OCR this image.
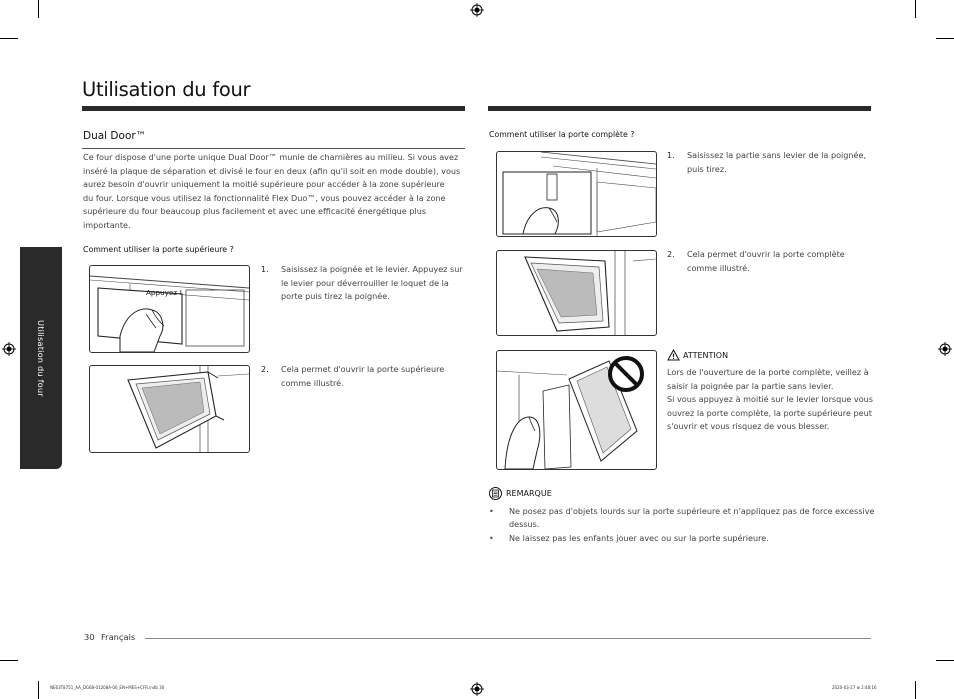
Utilisation du four
Utilisation du four
Dual Door™
Ce four dispose d'une porte unique Dual Door™ munie de charnières au milieu. Si vous avez
inséré la plaque de séparation et divisé le four en deux (afin qu'il soit en mode double), vous
aurez besoin d'ouvrir uniquement la moitié supérieure pour accéder à la zone supérieure
du four. Lorsque vous utilisez la fonctionnalité Flex Duo™, vous pouvez accéder à la zone
supérieure du four beaucoup plus facilement et avec une efficacité énergétique plus
importante.
Comment utiliser la porte supérieure ?
Appuyez !
1. Saisissez la poignée et le levier. Appuyez sur
le levier pour déverrouiller le loquet de la
porte puis tirez la poignée.
2. Cela permet d'ouvrir la porte supérieure
comme illustré.
Comment utiliser la porte complète ?
1. Saisissez la partie sans levier de la poignée,
puis tirez.
2. Cela permet d'ouvrir la porte complète
comme illustré.
ATTENTION
Lors de l'ouverture de la porte complète, veillez à
saisir la poignée par la partie sans levier.
Si vous appuyez à moitié sur le levier lorsque vous
ouvrez la porte complète, la porte supérieure peut
s'ouvrir et vous risquez de vous blesser.
REMARQUE
• Ne posez pas d'objets lourds sur la porte supérieure et n'appliquez pas de force excessive
dessus.
• Ne laissez pas les enfants jouer avec ou sur la porte supérieure.
30 Français
NE63T8751_AA_DG68-01208A-00_EN+MES+CFR.indb 30	2020-03-27 ⊞ 2:48:16
